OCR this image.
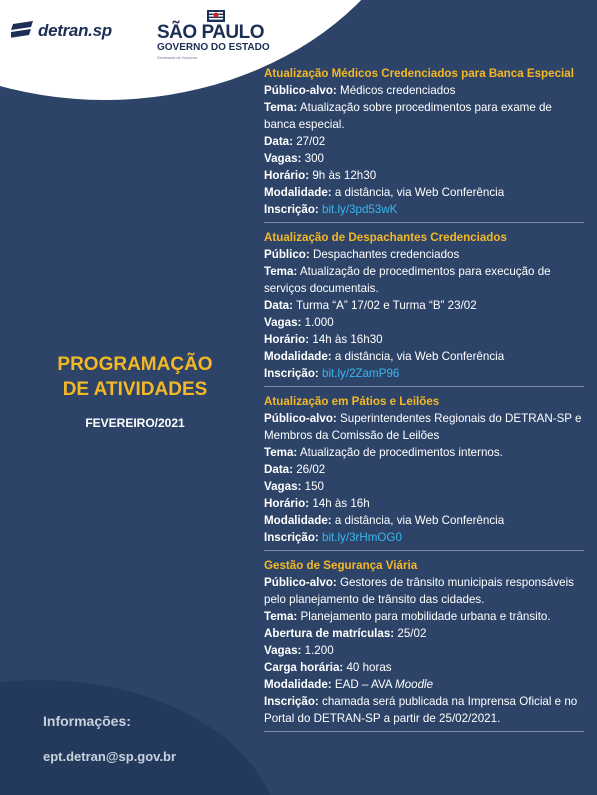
detran.sp SÃO PAULO
GOVERNO DO ESTADO
Secretaria de Governo
PROGRAMAÇÃO
DE ATIVIDADES
FEVEREIRO/2021
Informações:
ept.detran@sp.gov.br
Atualização Médicos Credenciados para Banca Especial
Público-alvo: Médicos credenciados
Tema: Atualização sobre procedimentos para exame de banca especial.
Data: 27/02
Vagas: 300
Horário: 9h às 12h30
Modalidade: a distância, via Web Conferência
Inscrição: bit.ly/3pd53wK
Atualização de Despachantes Credenciados
Público: Despachantes credenciados
Tema: Atualização de procedimentos para execução de serviços documentais.
Data: Turma “A” 17/02 e Turma “B” 23/02
Vagas: 1.000
Horário: 14h às 16h30
Modalidade: a distância, via Web Conferência
Inscrição: bit.ly/2ZamP96
Atualização em Pátios e Leilões
Público-alvo: Superintendentes Regionais do DETRAN-SP e Membros da Comissão de Leilões
Tema: Atualização de procedimentos internos.
Data: 26/02
Vagas: 150
Horário: 14h às 16h
Modalidade: a distância, via Web Conferência
Inscrição: bit.ly/3rHmOG0
Gestão de Segurança Viária
Público-alvo: Gestores de trânsito municipais responsáveis pelo planejamento de trânsito das cidades.
Tema: Planejamento para mobilidade urbana e trânsito.
Abertura de matrículas: 25/02
Vagas: 1.200
Carga horária: 40 horas
Modalidade: EAD – AVA Moodle
Inscrição: chamada será publicada na Imprensa Oficial e no Portal do DETRAN-SP a partir de 25/02/2021.
